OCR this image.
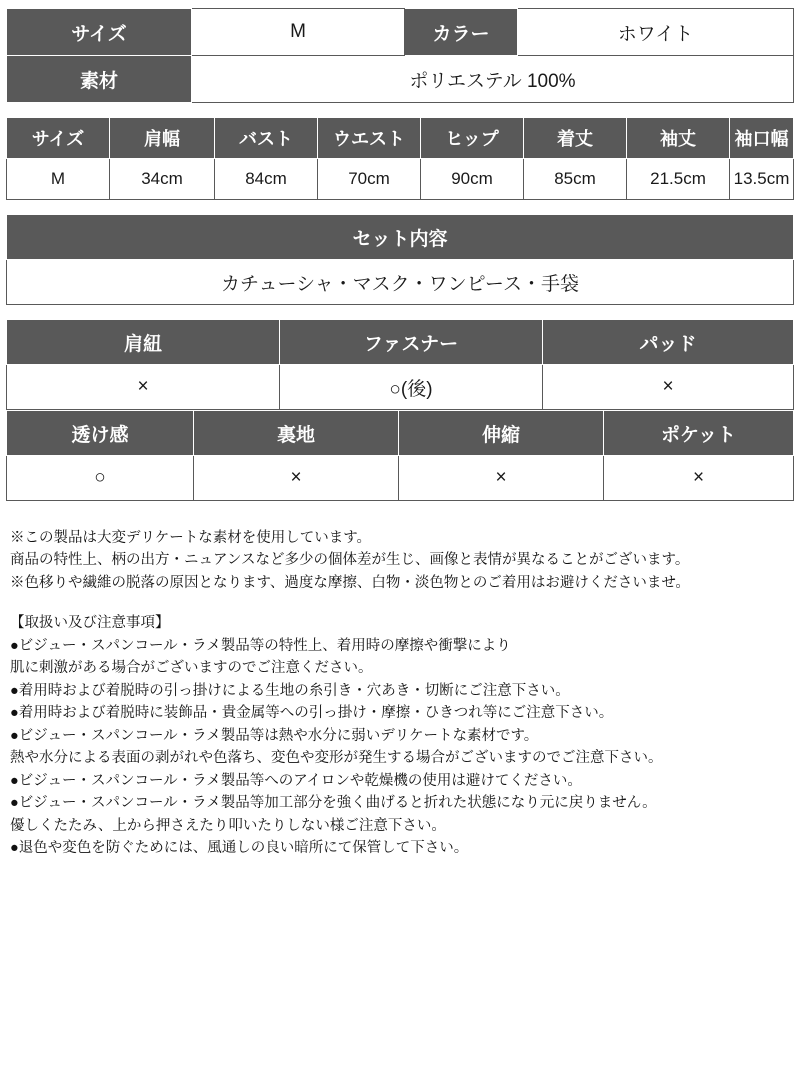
サイズ	M	カラー	ホワイト
素材	ポリエステル 100%		
サイズ	肩幅	バスト	ウエスト	ヒップ	着丈	袖丈	袖口幅
M	34cm	84cm	70cm	90cm	85cm	21.5cm	13.5cm
セット内容
カチューシャ・マスク・ワンピース・手袋
肩紐	ファスナー	パッド
×	○(後)	×
透け感	裏地	伸縮	ポケット
○	×	×	×

※この製品は大変デリケートな素材を使用しています。

商品の特性上、柄の出方・ニュアンスなど多少の個体差が生じ、画像と表情が異なることがございます。

※色移りや繊維の脱落の原因となります、過度な摩擦、白物・淡色物とのご着用はお避けくださいませ。

【取扱い及び注意事項】

●ビジュー・スパンコール・ラメ製品等の特性上、着用時の摩擦や衝撃により

肌に刺激がある場合がございますのでご注意ください。

●着用時および着脱時の引っ掛けによる生地の糸引き・穴あき・切断にご注意下さい。

●着用時および着脱時に装飾品・貴金属等への引っ掛け・摩擦・ひきつれ等にご注意下さい。

●ビジュー・スパンコール・ラメ製品等は熱や水分に弱いデリケートな素材です。

熱や水分による表面の剥がれや色落ち、変色や変形が発生する場合がございますのでご注意下さい。

●ビジュー・スパンコール・ラメ製品等へのアイロンや乾燥機の使用は避けてください。

●ビジュー・スパンコール・ラメ製品等加工部分を強く曲げると折れた状態になり元に戻りません。

優しくたたみ、上から押さえたり叩いたりしない様ご注意下さい。

●退色や変色を防ぐためには、風通しの良い暗所にて保管して下さい。
